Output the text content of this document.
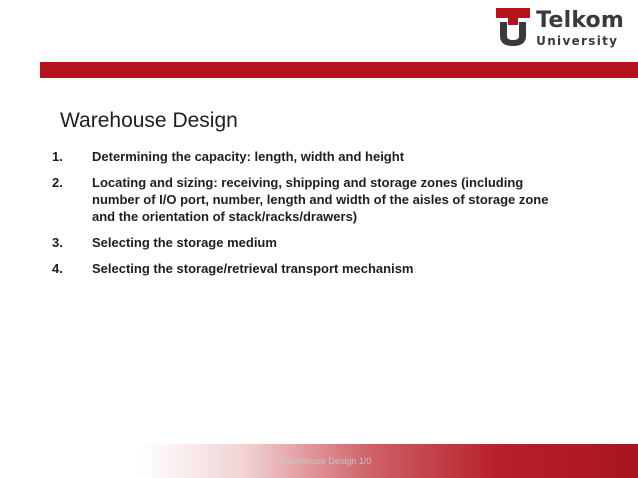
Telkom
University
Warehouse Design
1.	Determining the capacity: length, width and height
2.	Locating and sizing: receiving, shipping and storage zones (including number of I/O port, number, length and width of the aisles of storage zone and the orientation of stack/racks/drawers)
3.	Selecting the storage medium
4.	Selecting the storage/retrieval transport mechanism
Warehouse Design 1/0
